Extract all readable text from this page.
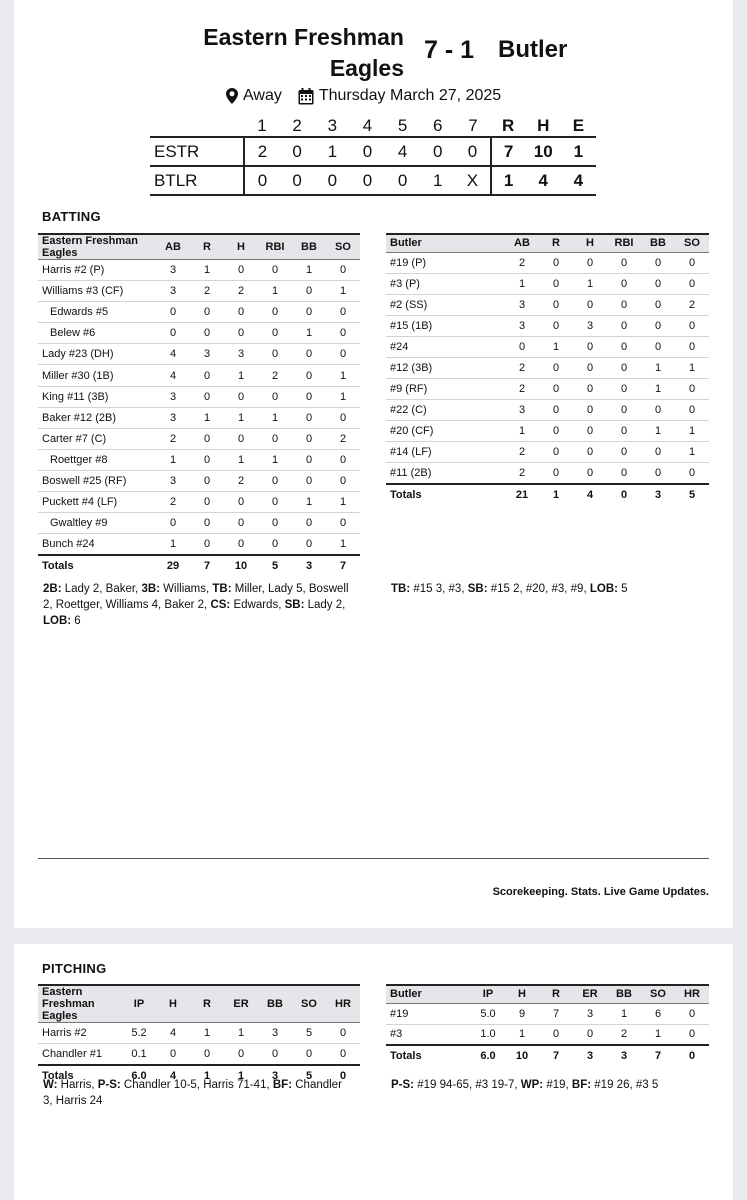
Eastern Freshman
Eagles
7 - 1 Butler
Away Thursday March 27, 2025
	1	2	3	4	5	6	7	R	H	E
ESTR	2	0	1	0	4	0	0	7	10	1
BTLR	0	0	0	0	0	1	X	1	4	4
BATTING
Eastern Freshman Eagles	AB	R	H	RBI	BB	SO
Harris #2 (P)	3	1	0	0	1	0
Williams #3 (CF)	3	2	2	1	0	1
Edwards #5	0	0	0	0	0	0
Belew #6	0	0	0	0	1	0
Lady #23 (DH)	4	3	3	0	0	0
Miller #30 (1B)	4	0	1	2	0	1
King #11 (3B)	3	0	0	0	0	1
Baker #12 (2B)	3	1	1	1	0	0
Carter #7 (C)	2	0	0	0	0	2
Roettger #8	1	0	1	1	0	0
Boswell #25 (RF)	3	0	2	0	0	0
Puckett #4 (LF)	2	0	0	0	1	1
Gwaltley #9	0	0	0	0	0	0
Bunch #24	1	0	0	0	0	1
Totals	29	7	10	5	3	7
Butler	AB	R	H	RBI	BB	SO
#19 (P)	2	0	0	0	0	0
#3 (P)	1	0	1	0	0	0
#2 (SS)	3	0	0	0	0	2
#15 (1B)	3	0	3	0	0	0
#24	0	1	0	0	0	0
#12 (3B)	2	0	0	0	1	1
#9 (RF)	2	0	0	0	1	0
#22 (C)	3	0	0	0	0	0
#20 (CF)	1	0	0	0	1	1
#14 (LF)	2	0	0	0	0	1
#11 (2B)	2	0	0	0	0	0
Totals	21	1	4	0	3	5
2B: Lady 2, Baker, 3B: Williams, TB: Miller, Lady 5, Boswell 2, Roettger, Williams 4, Baker 2, CS: Edwards, SB: Lady 2, LOB: 6
TB: #15 3, #3, SB: #15 2, #20, #3, #9, LOB: 5
Scorekeeping. Stats. Live Game Updates.
PITCHING
Eastern Freshman Eagles	IP	H	R	ER	BB	SO	HR
Harris #2	5.2	4	1	1	3	5	0
Chandler #1	0.1	0	0	0	0	0	0
Totals	6.0	4	1	1	3	5	0
Butler	IP	H	R	ER	BB	SO	HR
#19	5.0	9	7	3	1	6	0
#3	1.0	1	0	0	2	1	0
Totals	6.0	10	7	3	3	7	0
W: Harris, P-S: Chandler 10-5, Harris 71-41, BF: Chandler 3, Harris 24
P-S: #19 94-65, #3 19-7, WP: #19, BF: #19 26, #3 5
